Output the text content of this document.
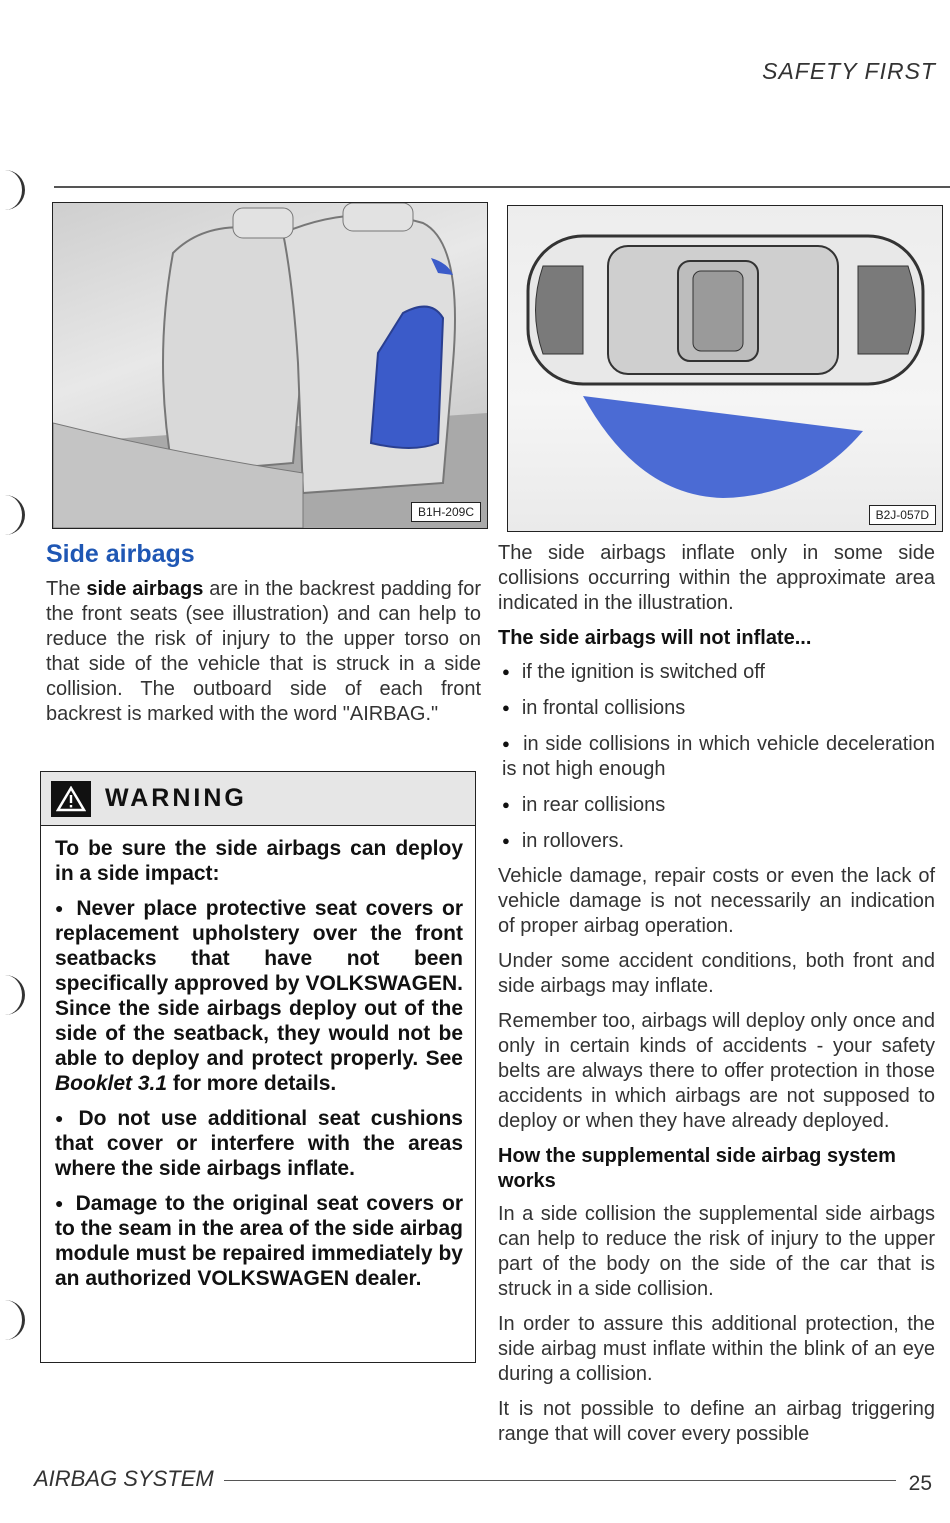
SAFETY FIRST
B1H-209C	B2J-057D
Side airbags

The side airbags are in the backrest padding for the front seats (see illustration) and can help to reduce the risk of injury to the upper torso on that side of the vehicle that is struck in a side collision. The outboard side of each front backrest is marked with the word "AIRBAG."

WARNING

To be sure the side airbags can deploy in a side impact:

● Never place protective seat covers or replacement upholstery over the front seatbacks that have not been specifically approved by VOLKSWAGEN. Since the side airbags deploy out of the side of the seatback, they would not be able to deploy and protect properly. See Booklet 3.1 for more details.

● Do not use additional seat cushions that cover or interfere with the areas where the side airbags inflate.

● Damage to the original seat covers or to the seam in the area of the side airbag module must be repaired immediately by an authorized VOLKSWAGEN dealer.

The side airbags inflate only in some side collisions occurring within the approximate area indicated in the illustration.

The side airbags will not inflate...

● if the ignition is switched off

● in frontal collisions

● in side collisions in which vehicle deceleration is not high enough

● in rear collisions

● in rollovers.

Vehicle damage, repair costs or even the lack of vehicle damage is not necessarily an indication of proper airbag operation.

Under some accident conditions, both front and side airbags may inflate.

Remember too, airbags will deploy only once and only in certain kinds of accidents - your safety belts are always there to offer protection in those accidents in which airbags are not supposed to deploy or when they have already deployed.

How the supplemental side airbag system works

In a side collision the supplemental side airbags can help to reduce the risk of injury to the upper part of the body on the side of the car that is struck in a side collision.

In order to assure this additional protection, the side airbag must inflate within the blink of an eye during a collision.

It is not possible to define an airbag triggering range that will cover every possible

AIRBAG SYSTEM	25
